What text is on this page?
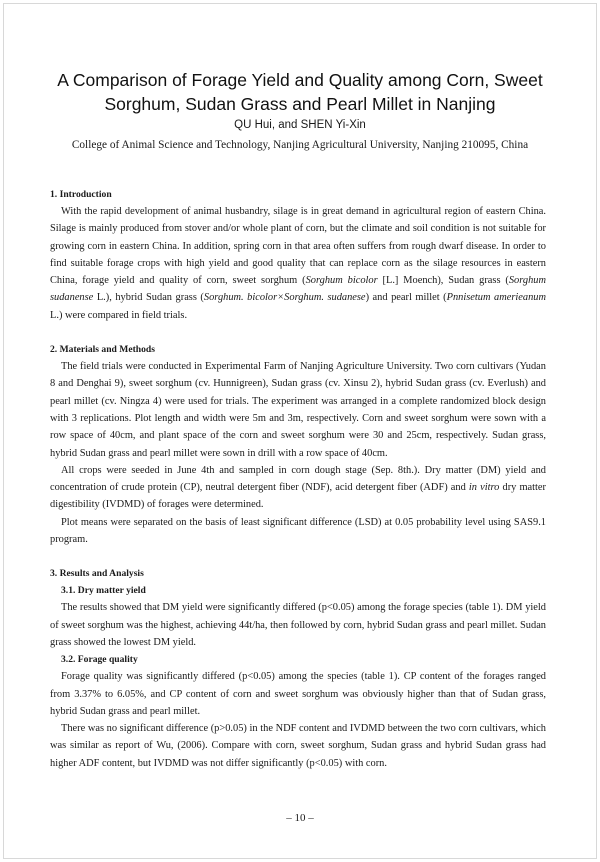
A Comparison of Forage Yield and Quality among Corn, Sweet Sorghum, Sudan Grass and Pearl Millet in Nanjing
QU Hui, and SHEN Yi-Xin
College of Animal Science and Technology, Nanjing Agricultural University, Nanjing 210095, China
1. Introduction

With the rapid development of animal husbandry, silage is in great demand in agricultural region of eastern China. Silage is mainly produced from stover and/or whole plant of corn, but the climate and soil condition is not suitable for growing corn in eastern China. In addition, spring corn in that area often suffers from rough dwarf disease. In order to find suitable forage crops with high yield and good quality that can replace corn as the silage resources in eastern China, forage yield and quality of corn, sweet sorghum (Sorghum bicolor [L.] Moench), Sudan grass (Sorghum sudanense L.), hybrid Sudan grass (Sorghum. bicolor×Sorghum. sudanese) and pearl millet (Pnnisetum amerieanum L.) were compared in field trials.

2. Materials and Methods

The field trials were conducted in Experimental Farm of Nanjing Agriculture University. Two corn cultivars (Yudan 8 and Denghai 9), sweet sorghum (cv. Hunnigreen), Sudan grass (cv. Xinsu 2), hybrid Sudan grass (cv. Everlush) and pearl millet (cv. Ningza 4) were used for trials. The experiment was arranged in a complete randomized block design with 3 replications. Plot length and width were 5m and 3m, respectively. Corn and sweet sorghum were sown with a row space of 40cm, and plant space of the corn and sweet sorghum were 30 and 25cm, respectively. Sudan grass, hybrid Sudan grass and pearl millet were sown in drill with a row space of 40cm.

All crops were seeded in June 4th and sampled in corn dough stage (Sep. 8th.). Dry matter (DM) yield and concentration of crude protein (CP), neutral detergent fiber (NDF), acid detergent fiber (ADF) and in vitro dry matter digestibility (IVDMD) of forages were determined.

Plot means were separated on the basis of least significant difference (LSD) at 0.05 probability level using SAS9.1 program.

3. Results and Analysis
3.1. Dry matter yield

The results showed that DM yield were significantly differed (p<0.05) among the forage species (table 1). DM yield of sweet sorghum was the highest, achieving 44t/ha, then followed by corn, hybrid Sudan grass and pearl millet. Sudan grass showed the lowest DM yield.

3.2. Forage quality

Forage quality was significantly differed (p<0.05) among the species (table 1). CP content of the forages ranged from 3.37% to 6.05%, and CP content of corn and sweet sorghum was obviously higher than that of Sudan grass, hybrid Sudan grass and pearl millet.

There was no significant difference (p>0.05) in the NDF content and IVDMD between the two corn cultivars, which was similar as report of Wu, (2006). Compare with corn, sweet sorghum, Sudan grass and hybrid Sudan grass had higher ADF content, but IVDMD was not differ significantly (p<0.05) with corn.

– 10 –
